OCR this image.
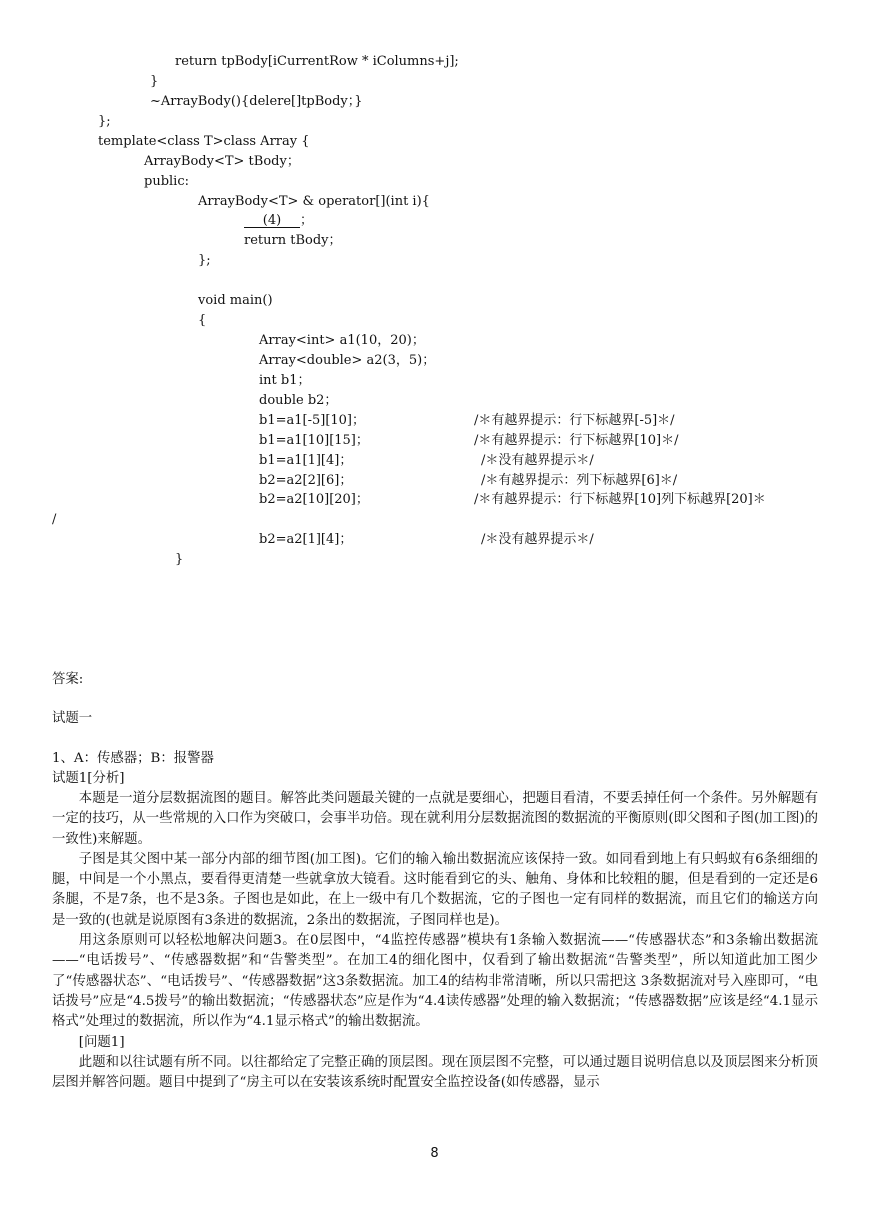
return tpBody[iCurrentRow * iColumns+j];
}
~ArrayBody(){delere[]tpBody；}
};
template<class T>class Array {
ArrayBody<T> tBody；
public:
ArrayBody<T> & operator[](int i){
(4) ；
return tBody；
};
void main()
{
Array<int> a1(10，20)；
Array<double> a2(3，5)；
int b1；
double b2；
b1=a1[-5][10]；	/＊有越界提示：行下标越界[-5]＊/
b1=a1[10][15]；	/＊有越界提示：行下标越界[10]＊/
b1=a1[1][4]；	/＊没有越界提示＊/
b2=a2[2][6]；	/＊有越界提示：列下标越界[6]＊/
b2=a2[10][20]；	/＊有越界提示：行下标越界[10]列下标越界[20]＊
/
b2=a2[1][4]；	/＊没有越界提示＊/
}
答案:
试题一
1、A：传感器；B：报警器
试题1[分析]
本题是一道分层数据流图的题目。解答此类问题最关键的一点就是要细心，把题目看清，不要丢掉任何一个条件。另外解题有一定的技巧，从一些常规的入口作为突破口，会事半功倍。现在就利用分层数据流图的数据流的平衡原则(即父图和子图(加工图)的一致性)来解题。
子图是其父图中某一部分内部的细节图(加工图)。它们的输入输出数据流应该保持一致。如同看到地上有只蚂蚁有6条细细的腿，中间是一个小黑点，要看得更清楚一些就拿放大镜看。这时能看到它的头、触角、身体和比较粗的腿，但是看到的一定还是6条腿，不是7条，也不是3条。子图也是如此，在上一级中有几个数据流，它的子图也一定有同样的数据流，而且它们的输送方向是一致的(也就是说原图有3条进的数据流，2条出的数据流，子图同样也是)。
用这条原则可以轻松地解决问题3。在0层图中，“4监控传感器”模块有1条输入数据流——“传感器状态”和3条输出数据流——“电话拨号”、“传感器数据”和“告警类型”。在加工4的细化图中，仅看到了输出数据流“告警类型”，所以知道此加工图少了“传感器状态”、“电话拨号”、“传感器数据”这3条数据流。加工4的结构非常清晰，所以只需把这 3条数据流对号入座即可，“电话拨号”应是“4.5拨号”的输出数据流；“传感器状态”应是作为“4.4读传感器”处理的输入数据流；“传感器数据”应该是经“4.1显示格式”处理过的数据流，所以作为“4.1显示格式”的输出数据流。
[问题1]
此题和以往试题有所不同。以往都给定了完整正确的顶层图。现在顶层图不完整，可以通过题目说明信息以及顶层图来分析顶层图并解答问题。题目中提到了“房主可以在安装该系统时配置安全监控设备(如传感器，显示
8
